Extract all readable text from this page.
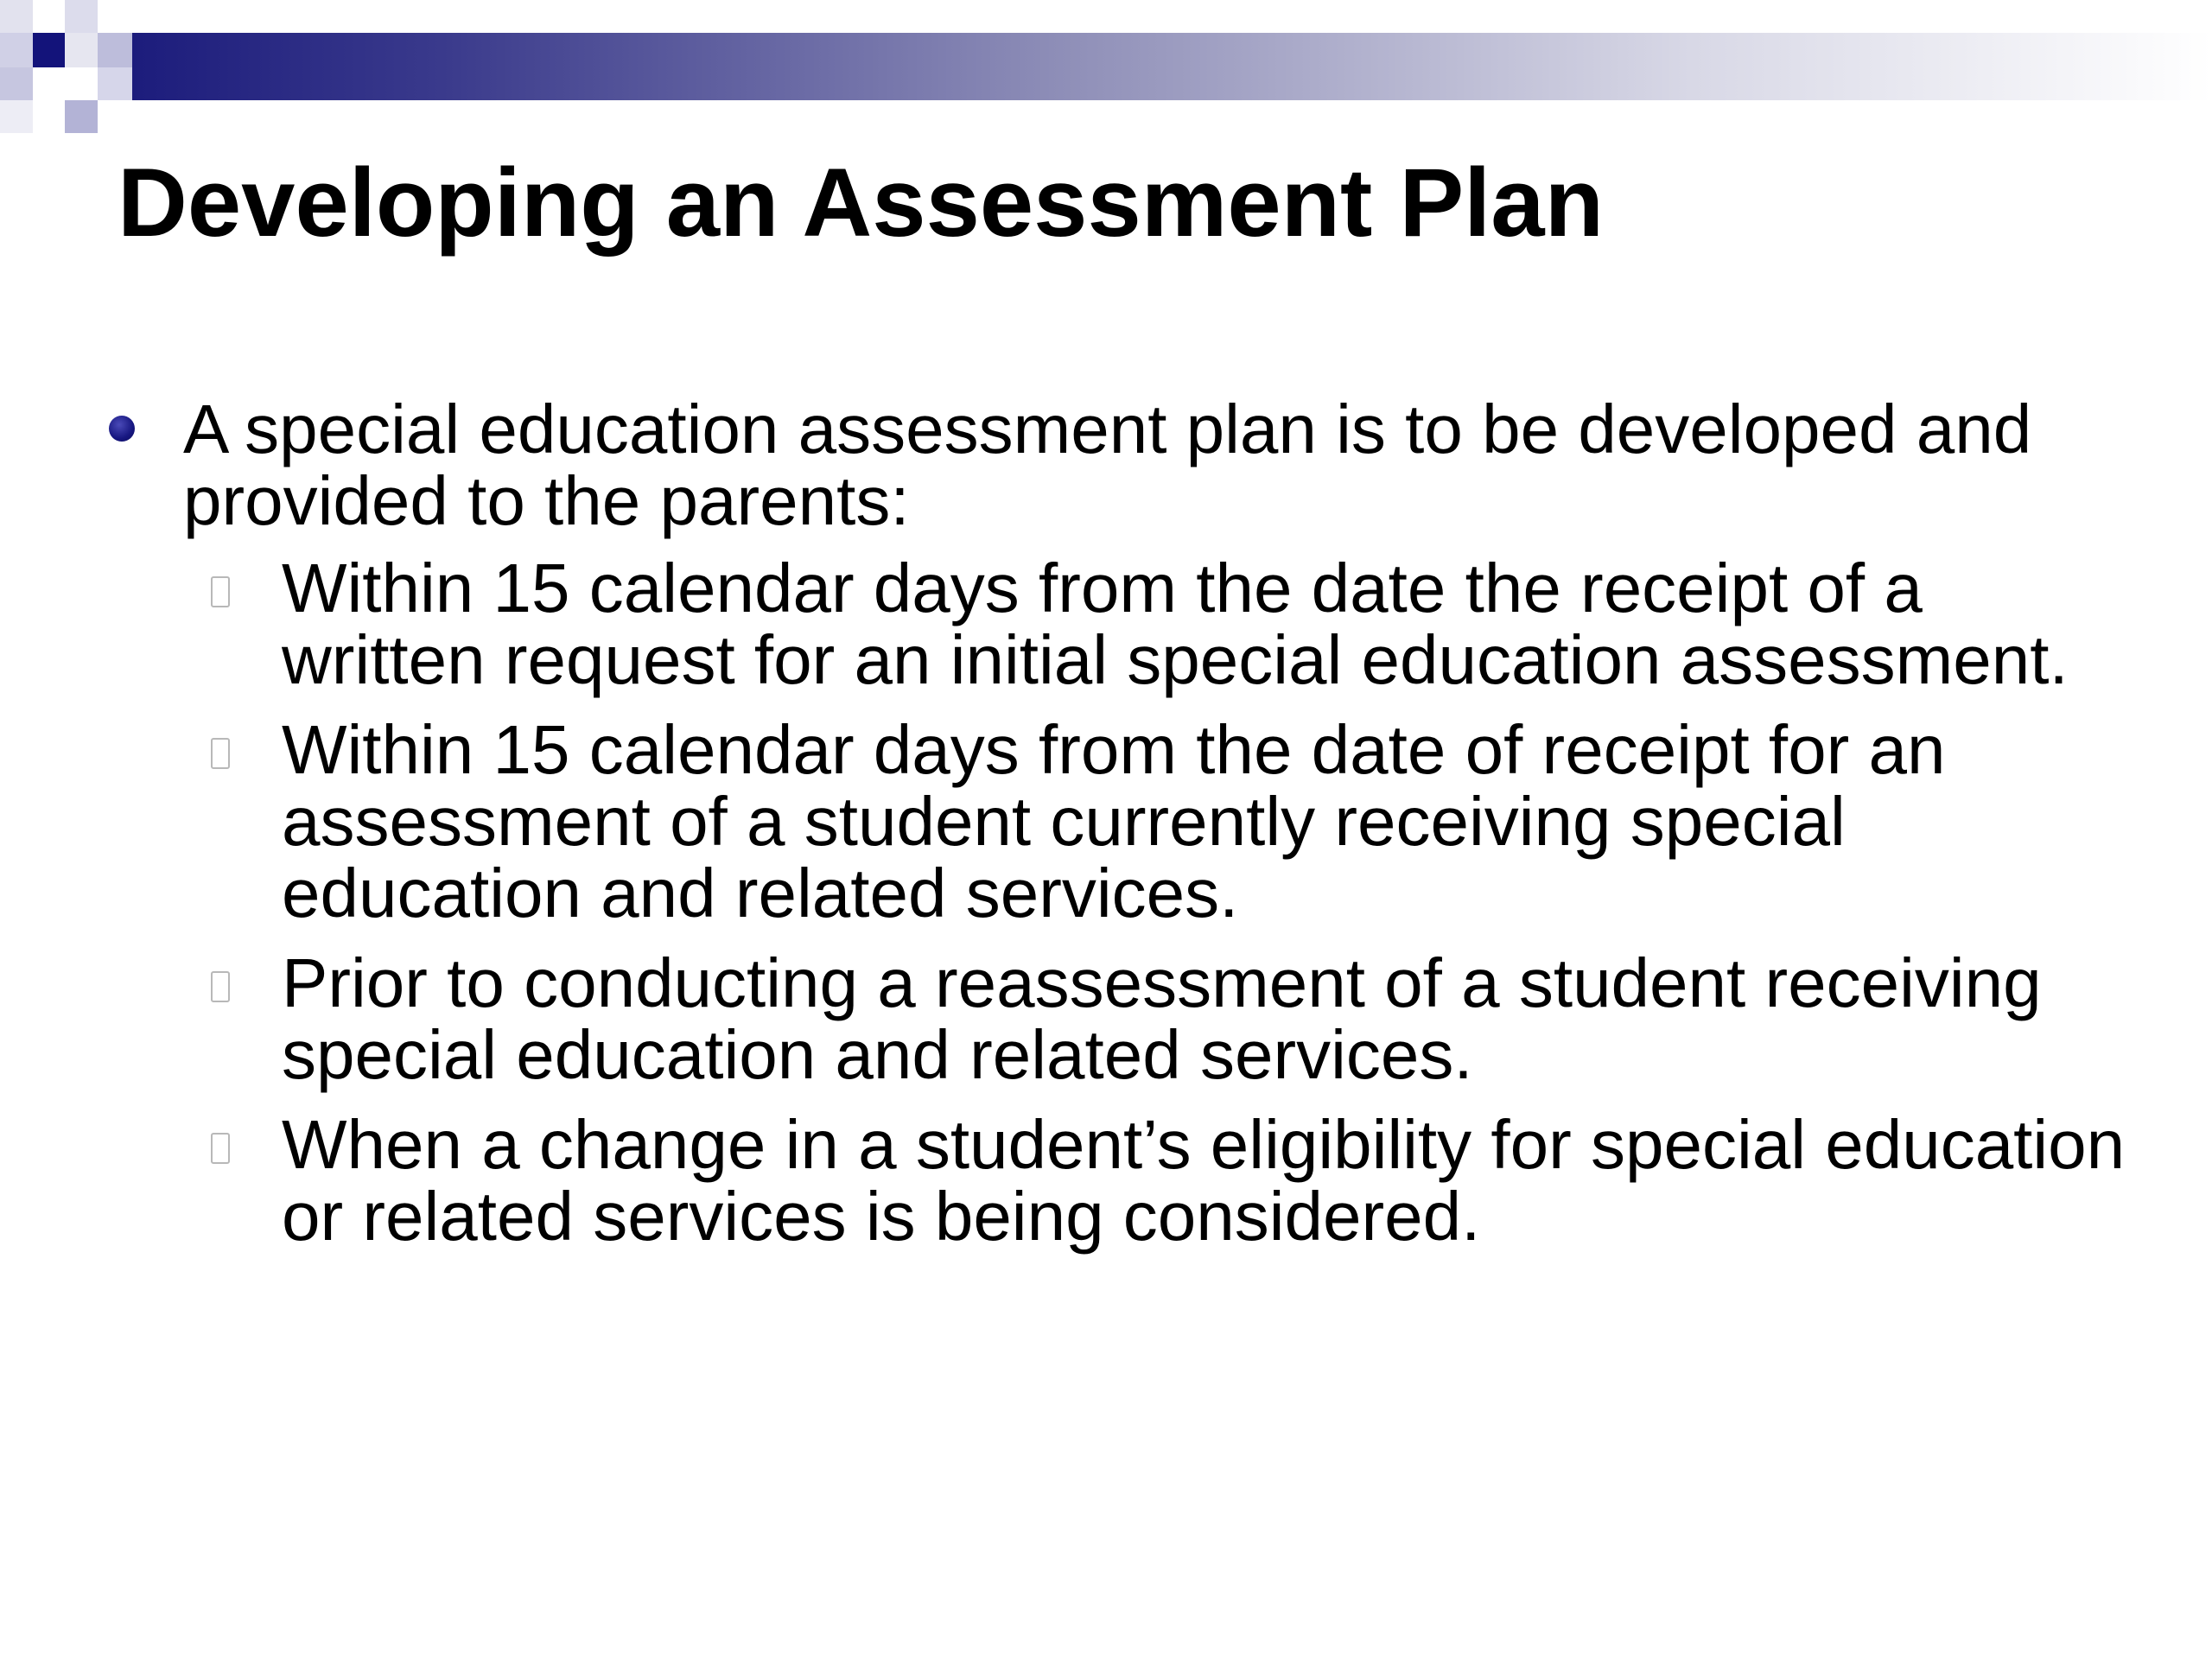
Developing an Assessment Plan
A special education assessment plan is to be developed and provided to the parents:
Within 15 calendar days from the date the receipt of a written request for an initial special education assessment.
Within 15 calendar days from the date of receipt for an assessment of a student currently receiving special education and related services.
Prior to conducting a reassessment of a student receiving special education and related services.
When a change in a student’s eligibility for special education or related services is being considered.
